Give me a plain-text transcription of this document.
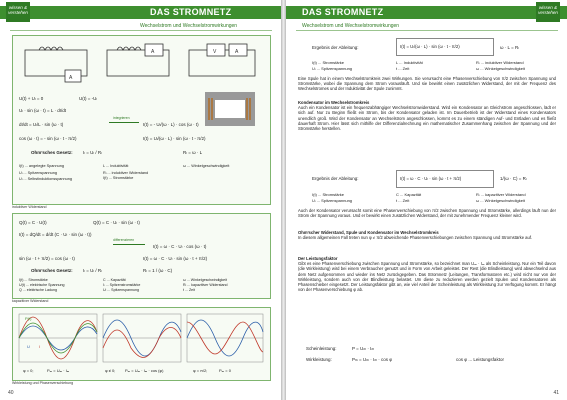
wissen & verstehen	DAS STROMNETZ
Wechselstrom und Wechselstromwirkungen
A
A	V	A
U(t) + Uₗ = 0	U(t) = -Uₗ
Uₗ · sin (ω · t) = L · dI/dt
dI/dt = Uₗ/L · sin (ω · t)	I(t) = - Uₗ/(ω · L) · cos (ω · t)
integrieren
cos (ω · t) = - sin (ω · t - π/2)	I(t) = Uₗ/(ω · L) · sin (ω · t - π/2)
Ohm’sches Gesetz: Iₗ = Uₗ / Rₗ	Rₗ = ω · L
I(t) ... angelegte Spannung
Uₗ ... Spitzenspannung
Uₗ ... Selbstinduktionsspannung
L ... Induktivität
Rₗ ... induktiver Widerstand
I(t) ... Stromstärke
ω ... Winkelgeschwindigkeit
induktiver Widerstand
Q(t) = C · U(t)	Q(t) = C · Uₗ · sin (ω · t)
I(t) = dQ/dt = d/dt (C · Uₗ · sin (ω · t))
differenzieren
I(t) = ω · C · Uₗ · cos (ω · t)
sin (ω · t + π/2) = cos (ω · t)	I(t) = ω · C · Uₗ · sin (ω · t + π/2)
Ohm’sches Gesetz: Iₗ = Uₗ / Rₗ	Rₗ = 1 / (ω · C)
I(t) ... Stromstärke
U(t) ... elektrische Spannung
Q ... elektrische Ladung
C ... Kapazität
Iₗ ... Spitzenstromstärke
Uₗ ... Spitzenspannung
ω ... Winkelgeschwindigkeit
Rₗ ... kapazitiver Widerstand
t ... Zeit
kapazitiver Widerstand
P(t)
U I
φ = 0;	Pₘ = Uₘ · Iₘ	φ ≠ 0; Pₘ = Uₘ · Iₘ · cos (φ)	φ = π/2;	Pₘ = 0
Wirkleistung und Phasenverschiebung
40
DAS STROMNETZ	wissen & verstehen
Wechselstrom und Wechselstromwirkungen
Ergebnis der Ableitung:	I(t) = Uₗ/(ω · L) · sin (ω · t - π/2)	ω · L = Rₗ
I(t) ... Stromstärke
Uₗ ... Spitzenspannung
L ... Induktivität
t ... Zeit
Rₗ ... induktiver Widerstand
ω ... Winkelgeschwindigkeit
Eine Spule hat in einem Wechselstromkreis zwei Wirkungen. Sie verursacht eine Phasenverschiebung von π/2 zwischen Spannung und Stromstärke, wobei die Spannung dem Strom vorausläuft. Und sie bewirkt einen zusätzlichen Widerstand, der mit der Frequenz des Wechselstromes und der Induktivität der Spule zunimmt.
Kondensator im Wechselstromkreis
Auch ein Kondensator ist ein frequenzabhängiger Wechselstromwiderstand. Wird ein Kondensator an Gleichstrom angeschlossen, lädt er sich auf. Nur zu Beginn fließt ein Strom, bis der Kondensator geladen ist. Im Dauerbetrieb ist der Widerstand eines Kondensators unendlich groß. Wird der Kondensator an Wechselstrom angeschlossen, kommt es zu einem ständigen Auf- und Entladen und es fließt dauerhaft Strom. Hier lässt sich mithilfe der Differenzialrechnung ein mathematischer Zusammenhang zwischen der Spannung und der Stromstärke herstellen.
Ergebnis der Ableitung:	I(t) = ω · C · Uₗ · sin (ω · t + π/2)	1/(ω · C) = Rₗ
I(t) ... Stromstärke
Uₗ ... Spitzenspannung
C ... Kapazität
t ... Zeit
Rₗ ... kapazitiver Widerstand
ω ... Winkelgeschwindigkeit
Auch der Kondensator verursacht somit eine Phasenverschiebung von π/2 zwischen Spannung und Stromstärke, allerdings läuft nun der Strom der Spannung voraus. Und er bewirkt einen zusätzlichen Widerstand, der mit zunehmender Frequenz kleiner wird.
Ohm’scher Widerstand, Spule und Kondensator im Wechselstromkreis
In diesem allgemeinen Fall treten nun φ ≠ π/2 abweichende Phasenverschiebungen zwischen Spannung und Stromstärke auf.
Der Leistungsfaktor
Gibt es eine Phasenverschiebung zwischen Spannung und Stromstärke, so bezeichnet man Uₘ · Iₘ als Scheinleistung. Nur ein Teil davon (die Wirkleistung) wird bei einem Verbraucher genutzt und in Form von Arbeit geleistet. Der Rest (die Blindleistung) wird abwechselnd aus dem Netz aufgenommen und wieder ins Netz zurückgegeben. Das Stromnetz (Leitungen, Transformatoren etc.) wird nicht nur von der Wirkleistung, sondern auch von der Blindleistung belastet. Um diese zu reduzieren werden gezielt Spulen und Kondensatoren als Phasenschieber eingesetzt. Der Leistungsfaktor gibt an, wie viel Anteil der Scheinleistung als Wirkleistung zur Verfügung kommt. Er hängt von der Phasenverschiebung φ ab.
Scheinleistung:	P = Uₘ · Iₘ
Wirkleistung:	Pₘ = Uₘ · Iₘ · cos φ	cos φ ... Leistungsfaktor
41
